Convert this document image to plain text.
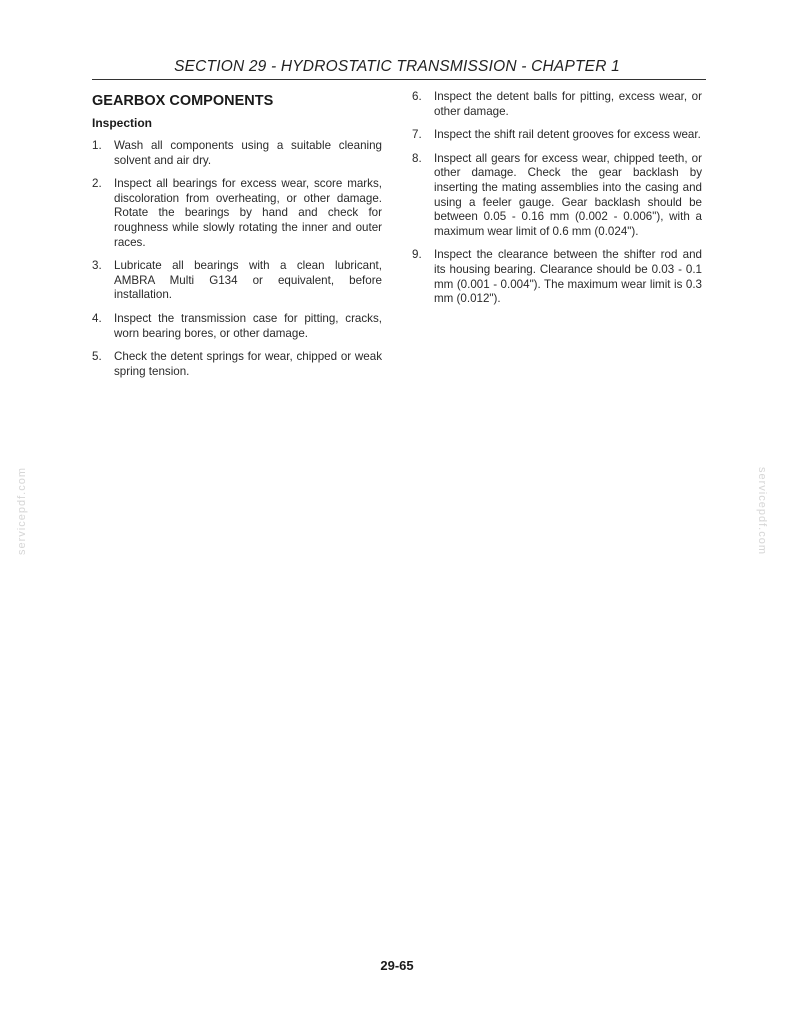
SECTION 29 - HYDROSTATIC TRANSMISSION - CHAPTER 1
GEARBOX COMPONENTS
Inspection
1.	Wash all components using a suitable cleaning solvent and air dry.
2.	Inspect all bearings for excess wear, score marks, discoloration from overheating, or other damage. Rotate the bearings by hand and check for roughness while slowly rotating the inner and outer races.
3.	Lubricate all bearings with a clean lubricant, AMBRA Multi G134 or equivalent, before installation.
4.	Inspect the transmission case for pitting, cracks, worn bearing bores, or other damage.
5.	Check the detent springs for wear, chipped or weak spring tension.
6.	Inspect the detent balls for pitting, excess wear, or other damage.
7.	Inspect the shift rail detent grooves for excess wear.
8.	Inspect all gears for excess wear, chipped teeth, or other damage. Check the gear backlash by inserting the mating assemblies into the casing and using a feeler gauge. Gear backlash should be between 0.05 - 0.16 mm (0.002 - 0.006"), with a maximum wear limit of 0.6 mm (0.024").
9.	Inspect the clearance between the shifter rod and its housing bearing. Clearance should be 0.03 - 0.1 mm (0.001 - 0.004"). The maximum wear limit is 0.3 mm (0.012").
servicepdf.com	servicepdf.com
29-65
